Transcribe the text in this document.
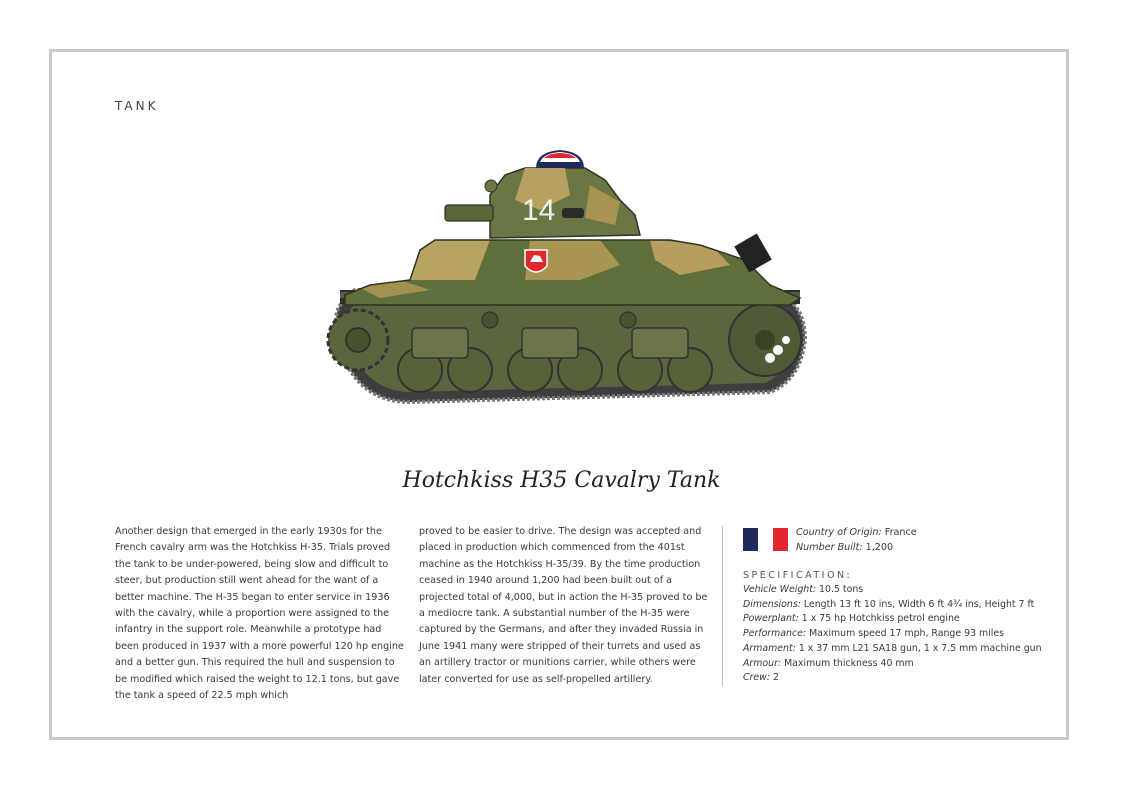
TANK
14
Hotchkiss H35 Cavalry Tank
Another design that emerged in the early 1930s for the French cavalry arm was the Hotchkiss H-35. Trials proved the tank to be under-powered, being slow and difficult to steer, but production still went ahead for the want of a better machine. The H-35 began to enter service in 1936 with the cavalry, while a proportion were assigned to the infantry in the support role. Meanwhile a prototype had been produced in 1937 with a more powerful 120 hp engine and a better gun. This required the hull and suspension to be modified which raised the weight to 12.1 tons, but gave the tank a speed of 22.5 mph which
proved to be easier to drive. The design was accepted and placed in production which commenced from the 401st machine as the Hotchkiss H-35/39. By the time production ceased in 1940 around 1,200 had been built out of a projected total of 4,000, but in action the H-35 proved to be a mediocre tank. A substantial number of the H-35 were captured by the Germans, and after they invaded Russia in June 1941 many were stripped of their turrets and used as an artillery tractor or munitions carrier, while others were later converted for use as self-propelled artillery.
Country of Origin: France
Number Built: 1,200
SPECIFICATION:
Vehicle Weight: 10.5 tons
Dimensions: Length 13 ft 10 ins, Width 6 ft 4¾ ins, Height 7 ft
Powerplant: 1 x 75 hp Hotchkiss petrol engine
Performance: Maximum speed 17 mph, Range 93 miles
Armament: 1 x 37 mm L21 SA18 gun, 1 x 7.5 mm machine gun
Armour: Maximum thickness 40 mm
Crew: 2
